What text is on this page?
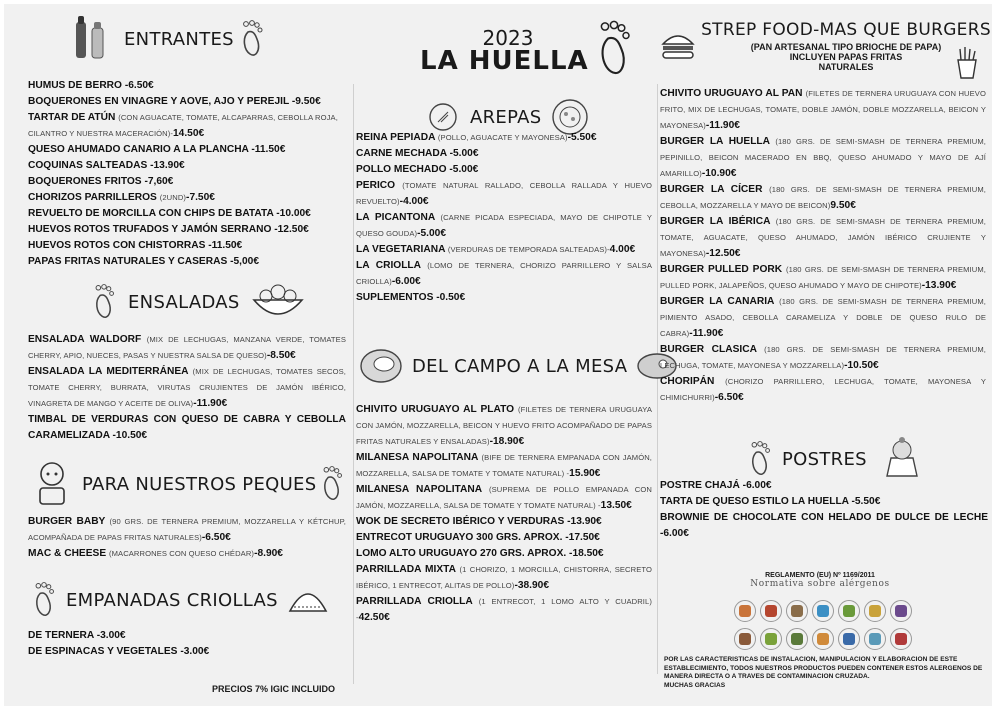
ENTRANTES
HUMUS DE BERRO -6.50€
BOQUERONES EN VINAGRE Y AOVE, AJO Y PEREJIL -9.50€
TARTAR DE ATÚN (CON AGUACATE, TOMATE, ALCAPARRAS, CEBOLLA ROJA, CILANTRO Y NUESTRA MACERACIÓN)-14.50€
QUESO AHUMADO CANARIO A LA PLANCHA -11.50€
COQUINAS SALTEADAS -13.90€
BOQUERONES FRITOS -7,60€
CHORIZOS PARRILLEROS (2UND)-7.50€
REVUELTO DE MORCILLA CON CHIPS DE BATATA -10.00€
HUEVOS ROTOS TRUFADOS Y JAMÓN SERRANO -12.50€
HUEVOS ROTOS CON CHISTORRAS -11.50€
PAPAS FRITAS NATURALES Y CASERAS -5,00€
ENSALADAS
ENSALADA WALDORF (MIX DE LECHUGAS, MANZANA VERDE, TOMATES CHERRY, APIO, NUECES, PASAS Y NUESTRA SALSA DE QUESO)-8.50€
ENSALADA LA MEDITERRÁNEA (MIX DE LECHUGAS, TOMATES SECOS, TOMATE CHERRY, BURRATA, VIRUTAS CRUJIENTES DE JAMÓN IBÉRICO, VINAGRETA DE MANGO Y ACEITE DE OLIVA)-11.90€
TIMBAL DE VERDURAS CON QUESO DE CABRA Y CEBOLLA CARAMELIZADA -10.50€
PARA NUESTROS PEQUES
BURGER BABY (90 GRS. DE TERNERA PREMIUM, MOZZARELLA Y KÉTCHUP, ACOMPAÑADA DE PAPAS FRITAS NATURALES)-6.50€
MAC & CHEESE (MACARRONES CON QUESO CHÉDAR)-8.90€
EMPANADAS CRIOLLAS
DE TERNERA -3.00€
DE ESPINACAS Y VEGETALES -3.00€
PRECIOS 7% IGIC INCLUIDO
2023
LA HUELLA
AREPAS
REINA PEPIADA (POLLO, AGUACATE Y MAYONESA)-5.50€
CARNE MECHADA -5.00€
POLLO MECHADO -5.00€
PERICO (TOMATE NATURAL RALLADO, CEBOLLA RALLADA Y HUEVO REVUELTO)-4.00€
LA PICANTONA (CARNE PICADA ESPECIADA, MAYO DE CHIPOTLE Y QUESO GOUDA)-5.00€
LA VEGETARIANA (VERDURAS DE TEMPORADA SALTEADAS)-4.00€
LA CRIOLLA (LOMO DE TERNERA, CHORIZO PARRILLERO Y SALSA CRIOLLA)-6.00€
SUPLEMENTOS -0.50€
DEL CAMPO A LA MESA
CHIVITO URUGUAYO AL PLATO (FILETES DE TERNERA URUGUAYA CON JAMÓN, MOZZARELLA, BEICON Y HUEVO FRITO ACOMPAÑADO DE PAPAS FRITAS NATURALES Y ENSALADAS)-18.90€
MILANESA NAPOLITANA (BIFE DE TERNERA EMPANADA CON JAMÓN, MOZZARELLA, SALSA DE TOMATE Y TOMATE NATURAL) -15.90€
MILANESA NAPOLITANA (SUPREMA DE POLLO EMPANADA CON JAMÓN, MOZZARELLA, SALSA DE TOMATE Y TOMATE NATURAL) -13.50€
WOK DE SECRETO IBÉRICO Y VERDURAS -13.90€
ENTRECOT URUGUAYO 300 GRS. APROX. -17.50€
LOMO ALTO URUGUAYO 270 GRS. APROX. -18.50€
PARRILLADA MIXTA (1 CHORIZO, 1 MORCILLA, CHISTORRA, SECRETO IBÉRICO, 1 ENTRECOT, ALITAS DE POLLO)-38.90€
PARRILLADA CRIOLLA (1 ENTRECOT, 1 LOMO ALTO Y CUADRIL) -42.50€
STREP FOOD-MAS QUE BURGERS
(PAN ARTESANAL TIPO BRIOCHE DE PAPA)
INCLUYEN PAPAS FRITAS
NATURALES
CHIVITO URUGUAYO AL PAN (FILETES DE TERNERA URUGUAYA CON HUEVO FRITO, MIX DE LECHUGAS, TOMATE, DOBLE JAMÓN, DOBLE MOZZARELLA, BEICON Y MAYONESA)-11.90€
BURGER LA HUELLA (180 GRS. DE SEMI-SMASH DE TERNERA PREMIUM, PEPINILLO, BEICON MACERADO EN BBQ, QUESO AHUMADO Y MAYO DE AJÍ AMARILLO)-10.90€
BURGER LA CÍCER (180 GRS. DE SEMI-SMASH DE TERNERA PREMIUM, CEBOLLA, MOZZARELLA Y MAYO DE BEICON)9.50€
BURGER LA IBÉRICA (180 GRS. DE SEMI-SMASH DE TERNERA PREMIUM, TOMATE, AGUACATE, QUESO AHUMADO, JAMÓN IBÉRICO CRUJIENTE Y MAYONESA)-12.50€
BURGER PULLED PORK (180 GRS. DE SEMI-SMASH DE TERNERA PREMIUM, PULLED PORK, JALAPEÑOS, QUESO AHUMADO Y MAYO DE CHIPOTE)-13.90€
BURGER LA CANARIA (180 GRS. DE SEMI-SMASH DE TERNERA PREMIUM, PIMIENTO ASADO, CEBOLLA CARAMELIZA Y DOBLE DE QUESO RULO DE CABRA)-11.90€
BURGER CLASICA (180 GRS. DE SEMI-SMASH DE TERNERA PREMIUM, LECHUGA, TOMATE, MAYONESA Y MOZZARELLA)-10.50€
CHORIPÁN (CHORIZO PARRILLERO, LECHUGA, TOMATE, MAYONESA Y CHIMICHURRI)-6.50€
POSTRES
POSTRE CHAJÁ -6.00€
TARTA DE QUESO ESTILO LA HUELLA -5.50€
BROWNIE DE CHOCOLATE CON HELADO DE DULCE DE LECHE -6.00€
REGLAMENTO (EU) Nº 1169/2011
Normativa sobre alérgenos
POR LAS CARACTERISTICAS DE INSTALACION, MANIPULACION Y ELABORACION DE ESTE ESTABLECIMIENTO, TODOS NUESTROS PRODUCTOS PUEDEN CONTENER ESTOS ALERGENOS DE MANERA DIRECTA O A TRAVES DE CONTAMINACION CRUZADA.
MUCHAS GRACIAS
